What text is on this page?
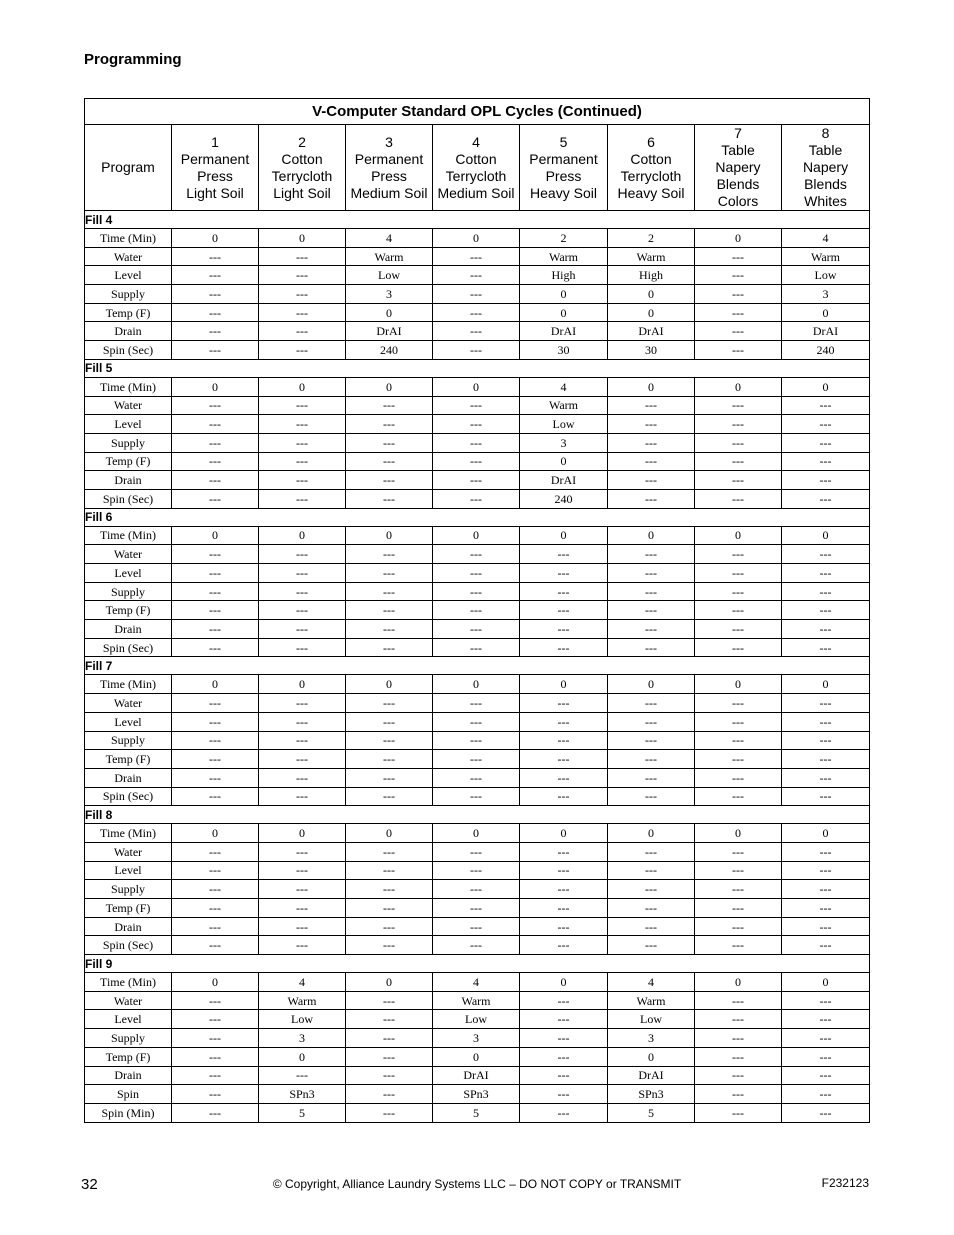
Programming
V-Computer Standard OPL Cycles (Continued)								
Program	1
Permanent
Press
Light Soil	2
Cotton
Terrycloth
Light Soil	3
Permanent
Press
Medium Soil	4
Cotton
Terrycloth
Medium Soil	5
Permanent
Press
Heavy Soil	6
Cotton
Terrycloth
Heavy Soil	7
Table
Napery
Blends
Colors	8
Table
Napery
Blends
Whites

Fill 4								
Time (Min)	0	0	4	0	2	2	0	4
Water	---	---	Warm	---	Warm	Warm	---	Warm
Level	---	---	Low	---	High	High	---	Low
Supply	---	---	3	---	0	0	---	3
Temp (F)	---	---	0	---	0	0	---	0
Drain	---	---	DrAI	---	DrAI	DrAI	---	DrAI
Spin (Sec)	---	---	240	---	30	30	---	240
Fill 5								
Time (Min)	0	0	0	0	4	0	0	0
Water	---	---	---	---	Warm	---	---	---
Level	---	---	---	---	Low	---	---	---
Supply	---	---	---	---	3	---	---	---
Temp (F)	---	---	---	---	0	---	---	---
Drain	---	---	---	---	DrAI	---	---	---
Spin (Sec)	---	---	---	---	240	---	---	---
Fill 6								
Time (Min)	0	0	0	0	0	0	0	0
Water	---	---	---	---	---	---	---	---
Level	---	---	---	---	---	---	---	---
Supply	---	---	---	---	---	---	---	---
Temp (F)	---	---	---	---	---	---	---	---
Drain	---	---	---	---	---	---	---	---
Spin (Sec)	---	---	---	---	---	---	---	---
Fill 7								
Time (Min)	0	0	0	0	0	0	0	0
Water	---	---	---	---	---	---	---	---
Level	---	---	---	---	---	---	---	---
Supply	---	---	---	---	---	---	---	---
Temp (F)	---	---	---	---	---	---	---	---
Drain	---	---	---	---	---	---	---	---
Spin (Sec)	---	---	---	---	---	---	---	---
Fill 8								
Time (Min)	0	0	0	0	0	0	0	0
Water	---	---	---	---	---	---	---	---
Level	---	---	---	---	---	---	---	---
Supply	---	---	---	---	---	---	---	---
Temp (F)	---	---	---	---	---	---	---	---
Drain	---	---	---	---	---	---	---	---
Spin (Sec)	---	---	---	---	---	---	---	---
Fill 9								
Time (Min)	0	4	0	4	0	4	0	0
Water	---	Warm	---	Warm	---	Warm	---	---
Level	---	Low	---	Low	---	Low	---	---
Supply	---	3	---	3	---	3	---	---
Temp (F)	---	0	---	0	---	0	---	---
Drain	---	---	---	DrAI	---	DrAI	---	---
Spin	---	SPn3	---	SPn3	---	SPn3	---	---
Spin (Min)	---	5	---	5	---	5	---	---
32	© Copyright, Alliance Laundry Systems LLC – DO NOT COPY or TRANSMIT	F232123
